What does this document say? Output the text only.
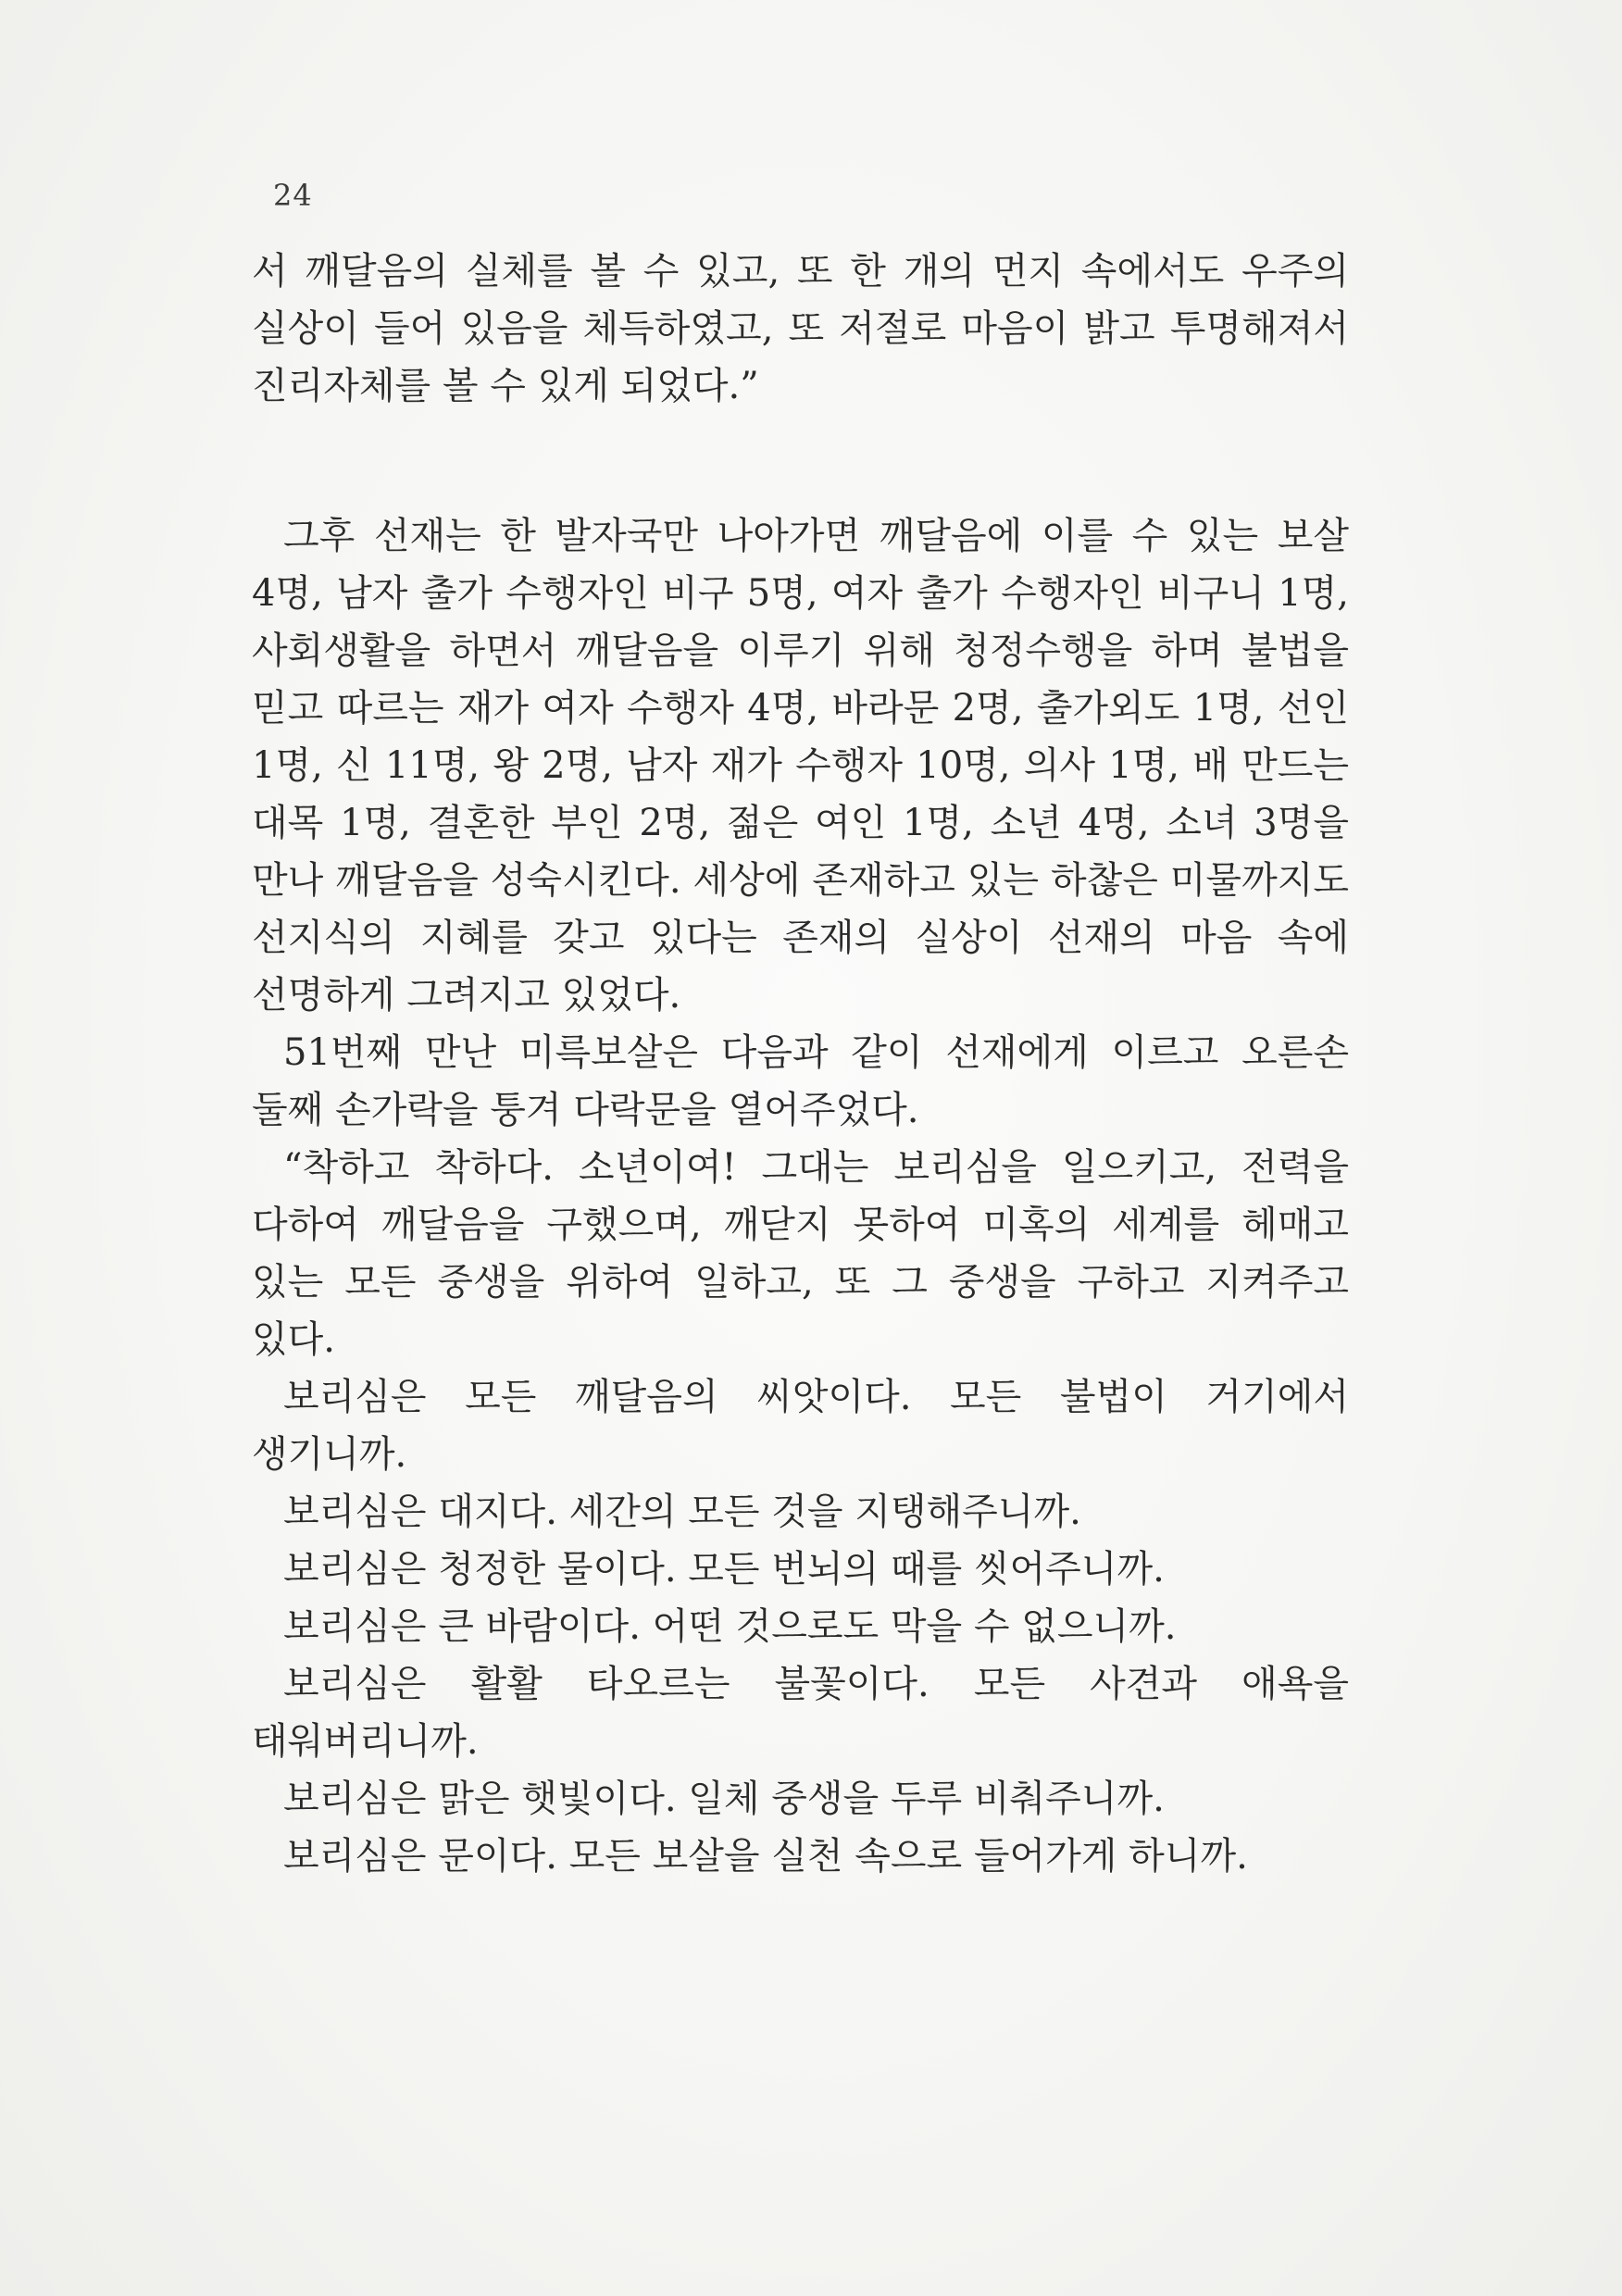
24

서 깨달음의 실체를 볼 수 있고, 또 한 개의 먼지 속에서도 우주의 실상이 들어 있음을 체득하였고, 또 저절로 마음이 밝고 투명해져서 진리자체를 볼 수 있게 되었다.”

그후 선재는 한 발자국만 나아가면 깨달음에 이를 수 있는 보살 4명, 남자 출가 수행자인 비구 5명, 여자 출가 수행자인 비구니 1명, 사회생활을 하면서 깨달음을 이루기 위해 청정수행을 하며 불법을 믿고 따르는 재가 여자 수행자 4명, 바라문 2명, 출가외도 1명, 선인 1명, 신 11명, 왕 2명, 남자 재가 수행자 10명, 의사 1명, 배 만드는 대목 1명, 결혼한 부인 2명, 젊은 여인 1명, 소년 4명, 소녀 3명을 만나 깨달음을 성숙시킨다. 세상에 존재하고 있는 하찮은 미물까지도 선지식의 지혜를 갖고 있다는 존재의 실상이 선재의 마음 속에 선명하게 그려지고 있었다.

51번째 만난 미륵보살은 다음과 같이 선재에게 이르고 오른손 둘째 손가락을 퉁겨 다락문을 열어주었다.

“착하고 착하다. 소년이여! 그대는 보리심을 일으키고, 전력을 다하여 깨달음을 구했으며, 깨닫지 못하여 미혹의 세계를 헤매고 있는 모든 중생을 위하여 일하고, 또 그 중생을 구하고 지켜주고 있다.

보리심은 모든 깨달음의 씨앗이다. 모든 불법이 거기에서 생기니까.

보리심은 대지다. 세간의 모든 것을 지탱해주니까.

보리심은 청정한 물이다. 모든 번뇌의 때를 씻어주니까.

보리심은 큰 바람이다. 어떤 것으로도 막을 수 없으니까.

보리심은 활활 타오르는 불꽃이다. 모든 사견과 애욕을 태워버리니까.

보리심은 맑은 햇빛이다. 일체 중생을 두루 비춰주니까.

보리심은 문이다. 모든 보살을 실천 속으로 들어가게 하니까.
